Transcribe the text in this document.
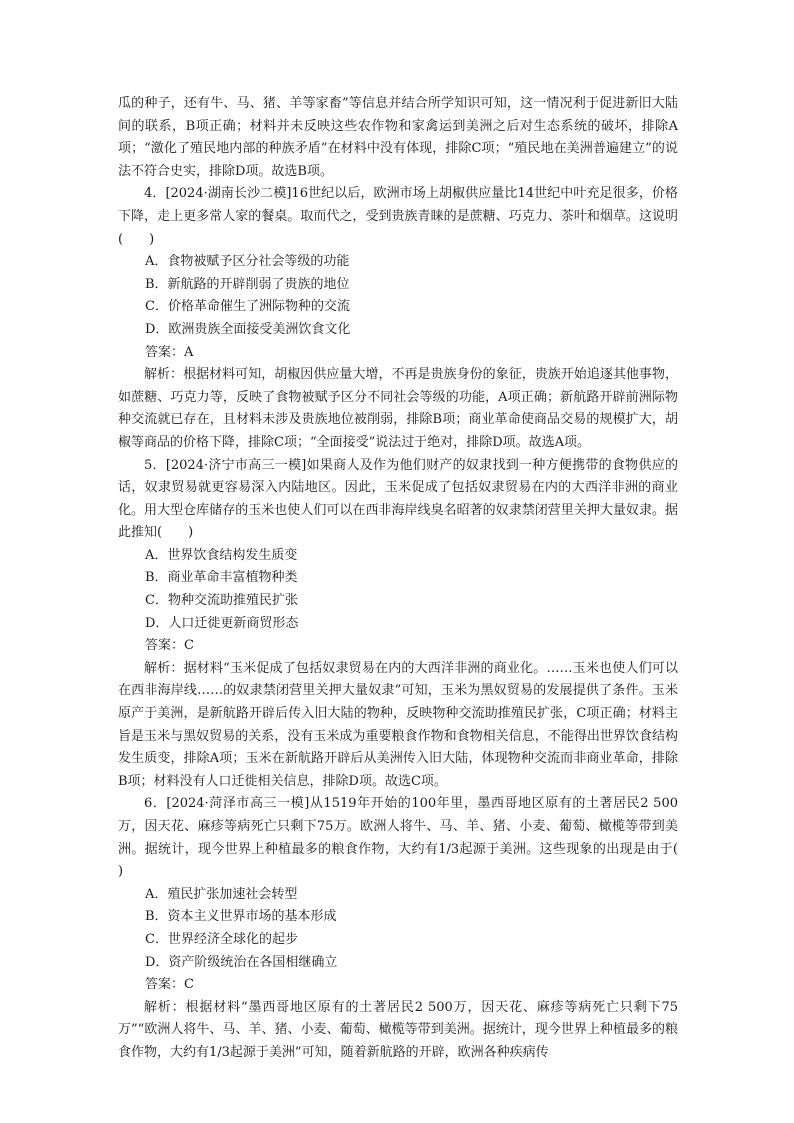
瓜的种子，还有牛、马、猪、羊等家畜”等信息并结合所学知识可知，这一情况利于促进新旧大陆间的联系，B项正确；材料并未反映这些农作物和家禽运到美洲之后对生态系统的破坏，排除A项；“激化了殖民地内部的种族矛盾”在材料中没有体现，排除C项；“殖民地在美洲普遍建立”的说法不符合史实，排除D项。故选B项。

4．[2024·湖南长沙二模]16世纪以后，欧洲市场上胡椒供应量比14世纪中叶充足很多，价格下降，走上更多常人家的餐桌。取而代之，受到贵族青睐的是蔗糖、巧克力、茶叶和烟草。这说明(　　)

A．食物被赋予区分社会等级的功能

B．新航路的开辟削弱了贵族的地位

C．价格革命催生了洲际物种的交流

D．欧洲贵族全面接受美洲饮食文化

答案：A

解析：根据材料可知，胡椒因供应量大增，不再是贵族身份的象征，贵族开始追逐其他事物，如蔗糖、巧克力等，反映了食物被赋予区分不同社会等级的功能，A项正确；新航路开辟前洲际物种交流就已存在，且材料未涉及贵族地位被削弱，排除B项；商业革命使商品交易的规模扩大，胡椒等商品的价格下降，排除C项；“全面接受”说法过于绝对，排除D项。故选A项。

5．[2024·济宁市高三一模]如果商人及作为他们财产的奴隶找到一种方便携带的食物供应的话，奴隶贸易就更容易深入内陆地区。因此，玉米促成了包括奴隶贸易在内的大西洋非洲的商业化。用大型仓库储存的玉米也使人们可以在西非海岸线臭名昭著的奴隶禁闭营里关押大量奴隶。据此推知(　　)

A．世界饮食结构发生质变

B．商业革命丰富植物种类

C．物种交流助推殖民扩张

D．人口迁徙更新商贸形态

答案：C

解析：据材料“玉米促成了包括奴隶贸易在内的大西洋非洲的商业化。……玉米也使人们可以在西非海岸线……的奴隶禁闭营里关押大量奴隶”可知，玉米为黑奴贸易的发展提供了条件。玉米原产于美洲，是新航路开辟后传入旧大陆的物种，反映物种交流助推殖民扩张，C项正确；材料主旨是玉米与黑奴贸易的关系，没有玉米成为重要粮食作物和食物相关信息，不能得出世界饮食结构发生质变，排除A项；玉米在新航路开辟后从美洲传入旧大陆，体现物种交流而非商业革命，排除B项；材料没有人口迁徙相关信息，排除D项。故选C项。

6．[2024·菏泽市高三一模]从1519年开始的100年里，墨西哥地区原有的土著居民2 500万，因天花、麻疹等病死亡只剩下75万。欧洲人将牛、马、羊、猪、小麦、葡萄、橄榄等带到美洲。据统计，现今世界上种植最多的粮食作物，大约有1/3起源于美洲。这些现象的出现是由于(　　)

A．殖民扩张加速社会转型

B．资本主义世界市场的基本形成

C．世界经济全球化的起步

D．资产阶级统治在各国相继确立

答案：C

解析：根据材料“墨西哥地区原有的土著居民2 500万，因天花、麻疹等病死亡只剩下75万”“欧洲人将牛、马、羊、猪、小麦、葡萄、橄榄等带到美洲。据统计，现今世界上种植最多的粮食作物，大约有1/3起源于美洲”可知，随着新航路的开辟，欧洲各种疾病传
